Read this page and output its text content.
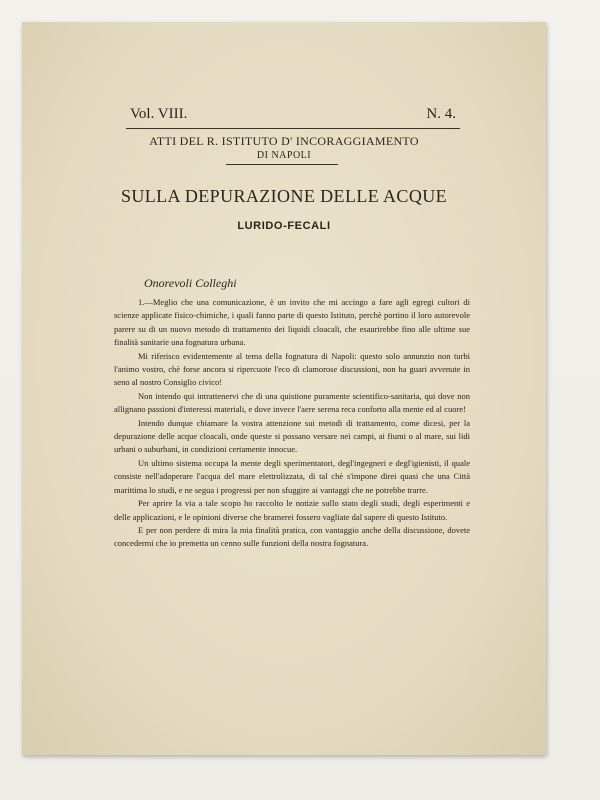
Vol. VIII.	N. 4.
ATTI DEL R. ISTITUTO D' INCORAGGIAMENTO
DI NAPOLI
SULLA DEPURAZIONE DELLE ACQUE
LURIDO-FECALI
Onorevoli Colleghi

1.—Meglio che una comunicazione, è un invito che mi accingo a fare agli egregi cultori di scienze applicate fisico-chimiche, i quali fanno parte di questo Istituto, perchè portino il loro autorevole parere su di un nuovo metodo di trattamento dei liquidi cloacali, che esaurirebbe fino alle ultime sue finalità sanitarie una fognatura urbana.

Mi riferisco evidentemente al tema della fognatura di Napoli: questo solo annunzio non turbi l'animo vostro, chè forse ancora si ripercuote l'eco di clamorose discussioni, non ha guari avvenute in seno al nostro Consiglio civico!

Non intendo qui intrattenervi che di una quistione puramente scientifico-sanitaria, qui dove non allignano passioni d'interessi materiali, e dove invece l'aere serena reca conforto alla mente ed al cuore!

Intendo dunque chiamare la vostra attenzione sui metodi di trattamento, come dicesi, per la depurazione delle acque cloacali, onde queste si possano versare nei campi, ai fiumi o al mare, sui lidi urbani o suburbani, in condizioni certamente innocue.

Un ultimo sistema occupa la mente degli sperimentatori, degl'ingegneri e degl'igienisti, il quale consiste nell'adoperare l'acqua del mare elettrolizzata, di tal chè s'impone direi quasi che una Città marittima lo studi, e ne segua i progressi per non sfuggire ai vantaggi che ne potrebbe trarre.

Per aprire la via a tale scopo ho raccolto le notizie sullo stato degli studi, degli esperimenti e delle applicazioni, e le opinioni diverse che bramerei fossero vagliate dal sapere di questo Istituto.

E per non perdere di mira la mia finalità pratica, con vantaggio anche della discussione, dovete concedermi che io premetta un cenno sulle funzioni della nostra fognatura.
